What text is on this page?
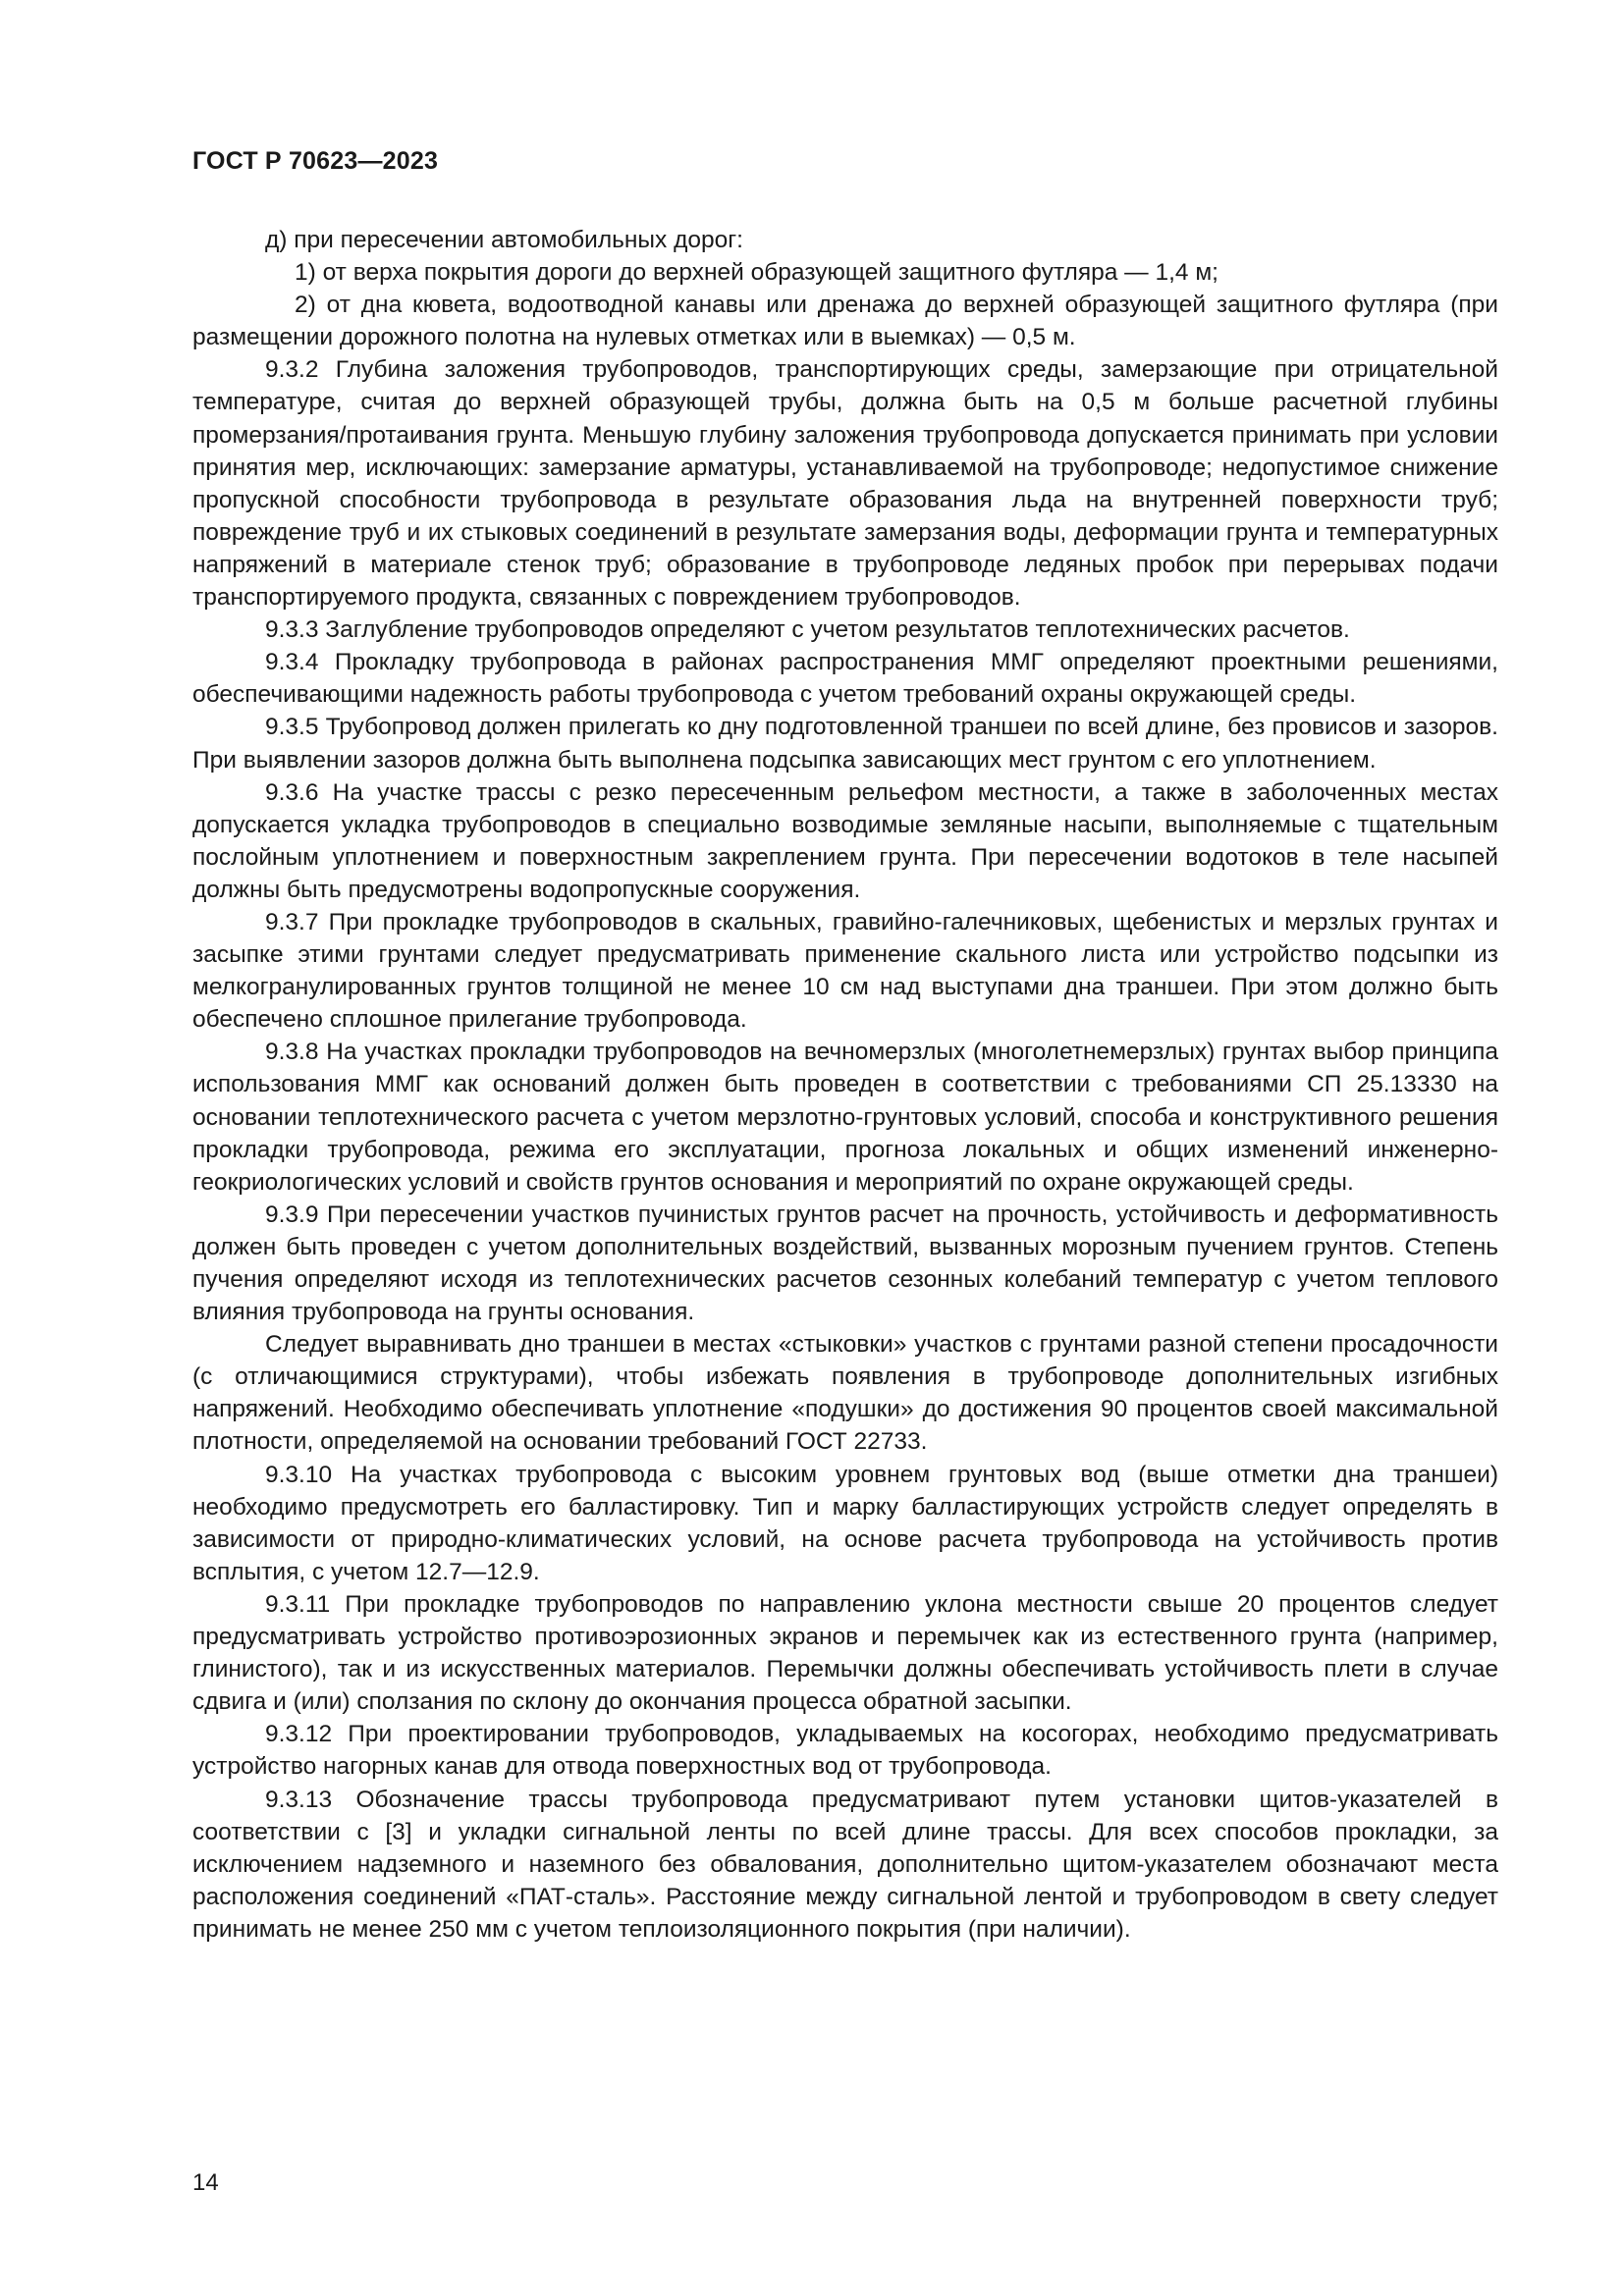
ГОСТ Р 70623—2023

д) при пересечении автомобильных дорог:

1) от верха покрытия дороги до верхней образующей защитного футляра — 1,4 м;

2) от дна кювета, водоотводной канавы или дренажа до верхней образующей защитного футляра (при размещении дорожного полотна на нулевых отметках или в выемках) — 0,5 м.

9.3.2 Глубина заложения трубопроводов, транспортирующих среды, замерзающие при отрицательной температуре, считая до верхней образующей трубы, должна быть на 0,5 м больше расчетной глубины промерзания/протаивания грунта. Меньшую глубину заложения трубопровода допускается принимать при условии принятия мер, исключающих: замерзание арматуры, устанавливаемой на трубопроводе; недопустимое снижение пропускной способности трубопровода в результате образования льда на внутренней поверхности труб; повреждение труб и их стыковых соединений в результате замерзания воды, деформации грунта и температурных напряжений в материале стенок труб; образование в трубопроводе ледяных пробок при перерывах подачи транспортируемого продукта, связанных с повреждением трубопроводов.

9.3.3 Заглубление трубопроводов определяют с учетом результатов теплотехнических расчетов.

9.3.4 Прокладку трубопровода в районах распространения ММГ определяют проектными решениями, обеспечивающими надежность работы трубопровода с учетом требований охраны окружающей среды.

9.3.5 Трубопровод должен прилегать ко дну подготовленной траншеи по всей длине, без провисов и зазоров. При выявлении зазоров должна быть выполнена подсыпка зависающих мест грунтом с его уплотнением.

9.3.6 На участке трассы с резко пересеченным рельефом местности, а также в заболоченных местах допускается укладка трубопроводов в специально возводимые земляные насыпи, выполняемые с тщательным послойным уплотнением и поверхностным закреплением грунта. При пересечении водотоков в теле насыпей должны быть предусмотрены водопропускные сооружения.

9.3.7 При прокладке трубопроводов в скальных, гравийно-галечниковых, щебенистых и мерзлых грунтах и засыпке этими грунтами следует предусматривать применение скального листа или устройство подсыпки из мелкогранулированных грунтов толщиной не менее 10 см над выступами дна траншеи. При этом должно быть обеспечено сплошное прилегание трубопровода.

9.3.8 На участках прокладки трубопроводов на вечномерзлых (многолетнемерзлых) грунтах выбор принципа использования ММГ как оснований должен быть проведен в соответствии с требованиями СП 25.13330 на основании теплотехнического расчета с учетом мерзлотно-грунтовых условий, способа и конструктивного решения прокладки трубопровода, режима его эксплуатации, прогноза локальных и общих изменений инженерно-геокриологических условий и свойств грунтов основания и мероприятий по охране окружающей среды.

9.3.9 При пересечении участков пучинистых грунтов расчет на прочность, устойчивость и деформативность должен быть проведен с учетом дополнительных воздействий, вызванных морозным пучением грунтов. Степень пучения определяют исходя из теплотехнических расчетов сезонных колебаний температур с учетом теплового влияния трубопровода на грунты основания.

Следует выравнивать дно траншеи в местах «стыковки» участков с грунтами разной степени просадочности (с отличающимися структурами), чтобы избежать появления в трубопроводе дополнительных изгибных напряжений. Необходимо обеспечивать уплотнение «подушки» до достижения 90 процентов своей максимальной плотности, определяемой на основании требований ГОСТ 22733.

9.3.10 На участках трубопровода с высоким уровнем грунтовых вод (выше отметки дна траншеи) необходимо предусмотреть его балластировку. Тип и марку балластирующих устройств следует определять в зависимости от природно-климатических условий, на основе расчета трубопровода на устойчивость против всплытия, с учетом 12.7—12.9.

9.3.11 При прокладке трубопроводов по направлению уклона местности свыше 20 процентов следует предусматривать устройство противоэрозионных экранов и перемычек как из естественного грунта (например, глинистого), так и из искусственных материалов. Перемычки должны обеспечивать устойчивость плети в случае сдвига и (или) сползания по склону до окончания процесса обратной засыпки.

9.3.12 При проектировании трубопроводов, укладываемых на косогорах, необходимо предусматривать устройство нагорных канав для отвода поверхностных вод от трубопровода.

9.3.13 Обозначение трассы трубопровода предусматривают путем установки щитов-указателей в соответствии с [3] и укладки сигнальной ленты по всей длине трассы. Для всех способов прокладки, за исключением надземного и наземного без обвалования, дополнительно щитом-указателем обозначают места расположения соединений «ПАТ-сталь». Расстояние между сигнальной лентой и трубопроводом в свету следует принимать не менее 250 мм с учетом теплоизоляционного покрытия (при наличии).

14
